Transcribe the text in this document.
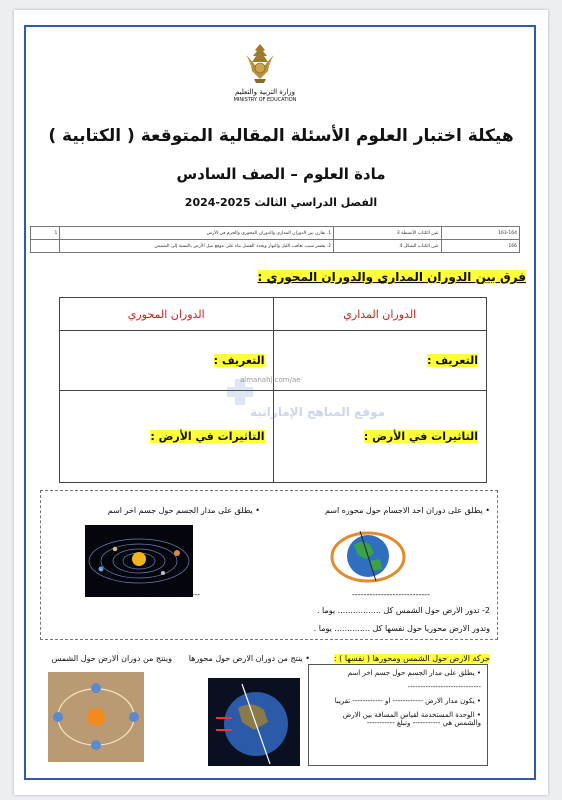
وزارة التربية والتعليم
MINISTRY OF EDUCATION
هيكلة اختبار العلوم الأسئلة المقالية المتوقعة ( الكتابية )
مادة العلوم – الصف السادس
الفصل الدراسي الثالث 2025-2024
1	1. يقارن بين الدوران المداري والدوران المحوري والجرم في الأرض	عين الكتاب الأنشطة 3	163-164
	2. يفسر سبب تعاقب الليل والنهار ويحدد الفصل بناء على موقع ميل الأرض بالنسبة إلى الشمس	عين الكتاب الشكل 4	166
فرق بين الدوران المداري والدوران المحوري :
الدوران المحوري	الدوران المداري
التعريف :	التعريف :
التاثيرات في الأرض :	التاثيرات في الأرض :
almanahj.com/ae
موقع المناهج الإماراتية
• يطلق على دوران احد الاجسام حول محوره اسم
• يطلق على مدار الجسم حول جسم اخر اسم
---------------------------
---------------------------
2- تدور الارض حول الشمس كل ................. يوما .
وتدور الارض محوريا حول نفسها كل .............. يوما .
حركة الارض حول الشمس ومحورها ( نفسها ) :
• ينتج من دوران الارض حول محورها
وينتج من دوران الارض حول الشمس
• يطلق على مدار الجسم حول جسم اخر اسم
-----------------------------
• يكون مدار الارض ------------ او ------------ تقريبا
• الوحدة المستخدمة لقياس المسافة بين الارض والشمس هي ----------- وتبلغ -----------
